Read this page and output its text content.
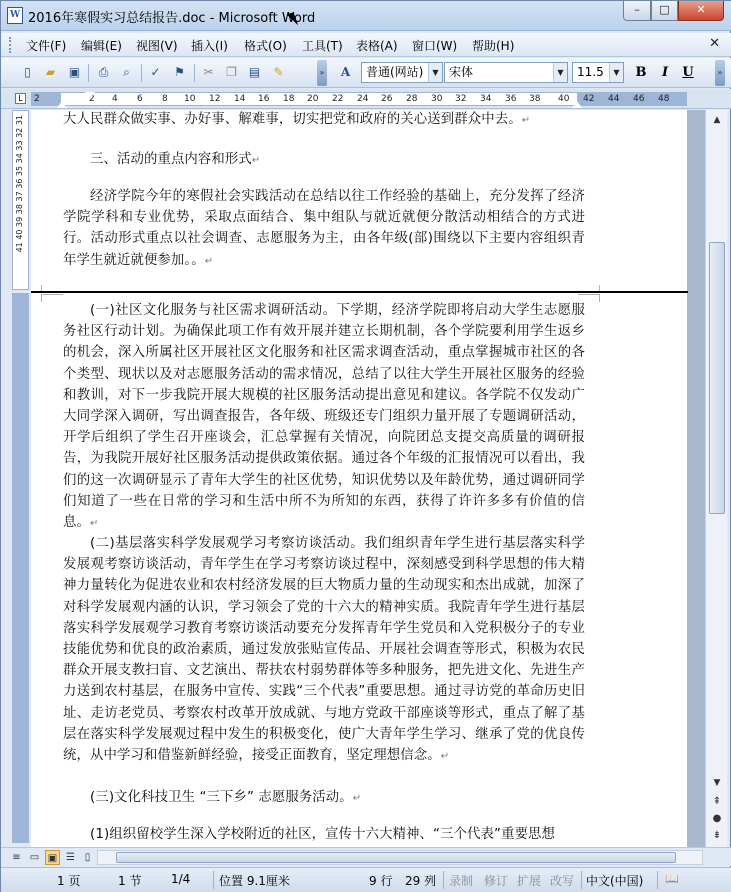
W 2016年寒假实习总结报告.doc - Microsoft Word
–	□	✕
文件(F) 编辑(E) 视图(V) 插入(I) 格式(O) 工具(T) 表格(A) 窗口(W) 帮助(H)	✕
▯	▰	▣	⎙	⌕	✓ ⚑ ✂ ❐ ▤ ✎	»	A	普通(网站)	▼ 宋体	▼	11.5	▼ B	I	U	»
L	2	2 4 6 8 10 12 14 16 18 20 22 24 26 28 30 32 34 36 38 40 42 44 46 48
41 40 39 38 37 36 35 34 33 32 31	大人民群众做实事、办好事、解难事，切实把党和政府的关心送到群众中去。↵
三、活动的重点内容和形式↵
经济学院今年的寒假社会实践活动在总结以往工作经验的基础上，充分发挥了经济学院学科和专业优势，采取点面结合、集中组队与就近就便分散活动相结合的方式进行。活动形式重点以社会调查、志愿服务为主，由各年级(部)围绕以下主要内容组织青年学生就近就便参加。。↵
(一)社区文化服务与社区需求调研活动。下学期，经济学院即将启动大学生志愿服务社区行动计划。为确保此项工作有效开展并建立长期机制，各个学院要利用学生返乡的机会，深入所属社区开展社区文化服务和社区需求调查活动，重点掌握城市社区的各个类型、现状以及对志愿服务活动的需求情况，总结了以往大学生开展社区服务的经验和教训，对下一步我院开展大规模的社区服务活动提出意见和建议。各学院不仅发动广大同学深入调研，写出调查报告，各年级、班级还专门组织力量开展了专题调研活动，开学后组织了学生召开座谈会，汇总掌握有关情况，向院团总支提交高质量的调研报告，为我院开展好社区服务活动提供政策依据。通过各个年级的汇报情况可以看出，我们的这一次调研显示了青年大学生的社区优势，知识优势以及年龄优势，通过调研同学们知道了一些在日常的学习和生活中所不为所知的东西，获得了许许多多有价值的信息。↵
(二)基层落实科学发展观学习考察访谈活动。我们组织青年学生进行基层落实科学发展观考察访谈活动，青年学生在学习考察访谈过程中，深刻感受到科学思想的伟大精神力量转化为促进农业和农村经济发展的巨大物质力量的生动现实和杰出成就，加深了对科学发展观内涵的认识，学习领会了党的十六大的精神实质。我院青年学生进行基层落实科学发展观学习教育考察访谈活动要充分发挥青年学生党员和入党积极分子的专业技能优势和优良的政治素质，通过发放张贴宣传品、开展社会调查等形式，积极为农民群众开展支教扫盲、文艺演出、帮扶农村弱势群体等多种服务，把先进文化、先进生产力送到农村基层，在服务中宣传、实践“三个代表”重要思想。通过寻访党的革命历史旧址、走访老党员、考察农村改革开放成就、与地方党政干部座谈等形式，重点了解了基层在落实科学发展观过程中发生的积极变化，使广大青年学生学习、继承了党的优良传统，从中学习和借鉴新鲜经验，接受正面教育，坚定理想信念。↵
(三)文化科技卫生 “三下乡” 志愿服务活动。↵
(1)组织留校学生深入学校附近的社区，宣传十六大精神、“三个代表”重要思想
▲
▼
⇞
●
⇟
≡ ▭ ▣ ☰ ▯
1 页	1 节 1/4 位置 9.1厘米	9 行 29 列 录制 修订 扩展 改写 中文(中国) 📖
